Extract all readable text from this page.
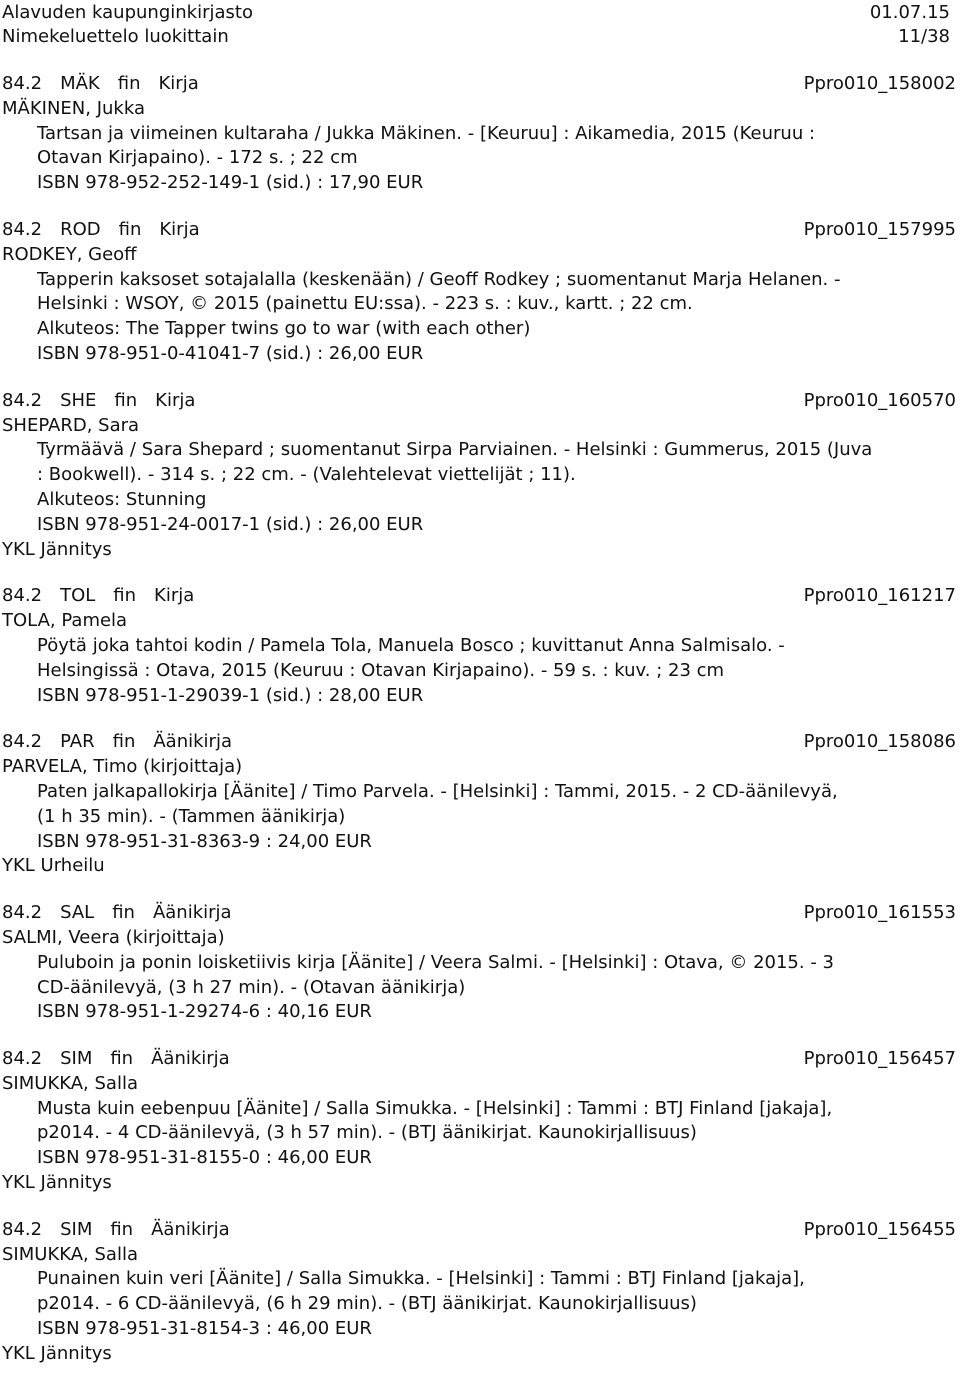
Alavuden kaupunginkirjasto	01.07.15
Nimekeluettelo luokittain	11/38
84.2 MÄK fin Kirja	Ppro010_158002
MÄKINEN, Jukka
Tartsan ja viimeinen kultaraha / Jukka Mäkinen. - [Keuruu] : Aikamedia, 2015 (Keuruu :
Otavan Kirjapaino). - 172 s. ; 22 cm
ISBN 978-952-252-149-1 (sid.) : 17,90 EUR
84.2 ROD fin Kirja	Ppro010_157995
RODKEY, Geoff
Tapperin kaksoset sotajalalla (keskenään) / Geoff Rodkey ; suomentanut Marja Helanen. -
Helsinki : WSOY, © 2015 (painettu EU:ssa). - 223 s. : kuv., kartt. ; 22 cm.
Alkuteos: The Tapper twins go to war (with each other)
ISBN 978-951-0-41041-7 (sid.) : 26,00 EUR
84.2 SHE fin Kirja	Ppro010_160570
SHEPARD, Sara
Tyrmäävä / Sara Shepard ; suomentanut Sirpa Parviainen. - Helsinki : Gummerus, 2015 (Juva
: Bookwell). - 314 s. ; 22 cm. - (Valehtelevat viettelijät ; 11).
Alkuteos: Stunning
ISBN 978-951-24-0017-1 (sid.) : 26,00 EUR
YKL Jännitys
84.2 TOL fin Kirja	Ppro010_161217
TOLA, Pamela
Pöytä joka tahtoi kodin / Pamela Tola, Manuela Bosco ; kuvittanut Anna Salmisalo. -
Helsingissä : Otava, 2015 (Keuruu : Otavan Kirjapaino). - 59 s. : kuv. ; 23 cm
ISBN 978-951-1-29039-1 (sid.) : 28,00 EUR
84.2 PAR fin Äänikirja	Ppro010_158086
PARVELA, Timo (kirjoittaja)
Paten jalkapallokirja [Äänite] / Timo Parvela. - [Helsinki] : Tammi, 2015. - 2 CD-äänilevyä,
(1 h 35 min). - (Tammen äänikirja)
ISBN 978-951-31-8363-9 : 24,00 EUR
YKL Urheilu
84.2 SAL fin Äänikirja	Ppro010_161553
SALMI, Veera (kirjoittaja)
Puluboin ja ponin loisketiivis kirja [Äänite] / Veera Salmi. - [Helsinki] : Otava, © 2015. - 3
CD-äänilevyä, (3 h 27 min). - (Otavan äänikirja)
ISBN 978-951-1-29274-6 : 40,16 EUR
84.2 SIM fin Äänikirja	Ppro010_156457
SIMUKKA, Salla
Musta kuin eebenpuu [Äänite] / Salla Simukka. - [Helsinki] : Tammi : BTJ Finland [jakaja],
p2014. - 4 CD-äänilevyä, (3 h 57 min). - (BTJ äänikirjat. Kaunokirjallisuus)
ISBN 978-951-31-8155-0 : 46,00 EUR
YKL Jännitys
84.2 SIM fin Äänikirja	Ppro010_156455
SIMUKKA, Salla
Punainen kuin veri [Äänite] / Salla Simukka. - [Helsinki] : Tammi : BTJ Finland [jakaja],
p2014. - 6 CD-äänilevyä, (6 h 29 min). - (BTJ äänikirjat. Kaunokirjallisuus)
ISBN 978-951-31-8154-3 : 46,00 EUR
YKL Jännitys
